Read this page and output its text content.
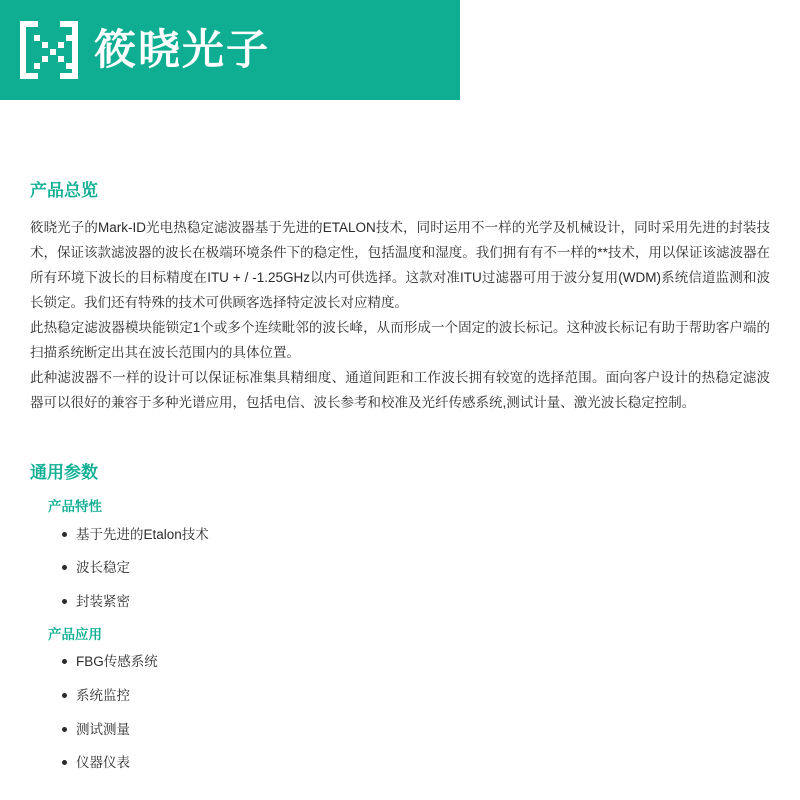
筱晓光子
产品总览

筱晓光子的Mark-ID光电热稳定滤波器基于先进的ETALON技术，同时运用不一样的光学及机械设计，同时采用先进的封装技术，保证该款滤波器的波长在极端环境条件下的稳定性，包括温度和湿度。我们拥有有不一样的**技术，用以保证该滤波器在所有环境下波长的目标精度在ITU + / -1.25GHz以内可供选择。这款对准ITU过滤器可用于波分复用(WDM)系统信道监测和波长锁定。我们还有特殊的技术可供顾客选择特定波长对应精度。

此热稳定滤波器模块能锁定1个或多个连续毗邻的波长峰，从而形成一个固定的波长标记。这种波长标记有助于帮助客户端的扫描系统断定出其在波长范围内的具体位置。

此种滤波器不一样的设计可以保证标准集具精细度、通道间距和工作波长拥有较宽的选择范围。面向客户设计的热稳定滤波器可以很好的兼容于多种光谱应用，包括电信、波长参考和校准及光纤传感系统,测试计量、激光波长稳定控制。

通用参数
产品特性
基于先进的Etalon技术
波长稳定
封装紧密
产品应用
FBG传感系统
系统监控
测试测量
仪器仪表
